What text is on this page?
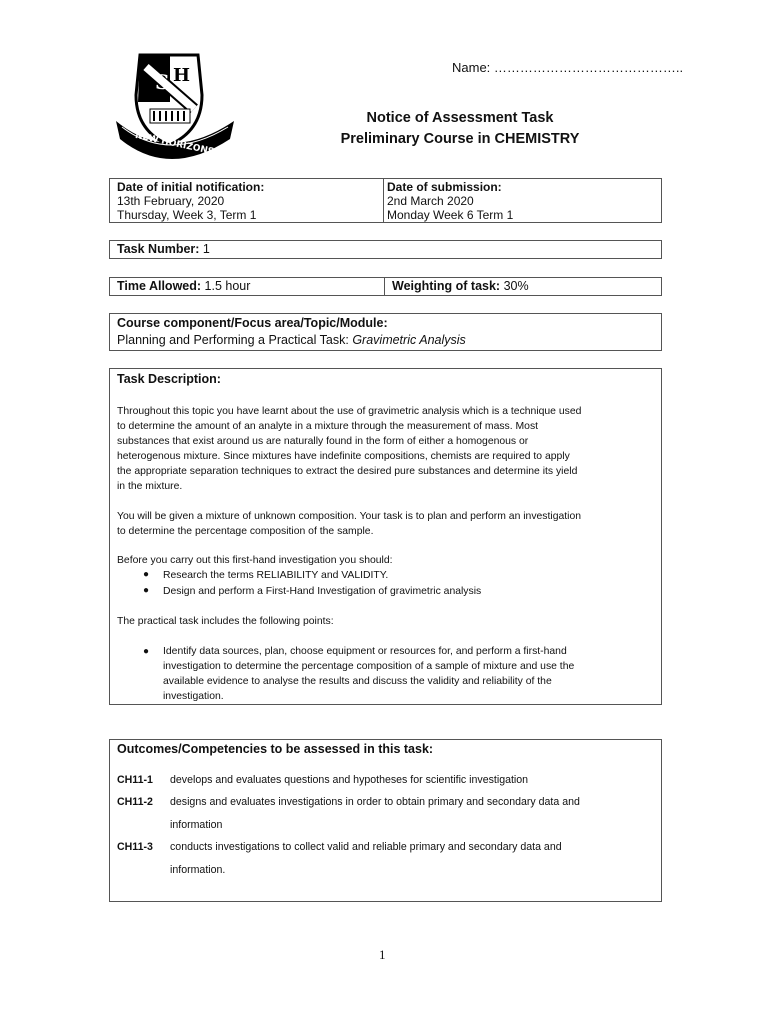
S H
NEW HORIZONS
Name: ……………………………………..
Notice of Assessment Task
Preliminary Course in CHEMISTRY
Date of initial notification:
13th February, 2020
Thursday, Week 3, Term 1
Date of submission:
2nd March 2020
Monday Week 6 Term 1
Task Number: 1
Time Allowed: 1.5 hour	Weighting of task: 30%
Course component/Focus area/Topic/Module:
Planning and Performing a Practical Task: Gravimetric Analysis
Task Description:
Throughout this topic you have learnt about the use of gravimetric analysis which is a technique used
to determine the amount of an analyte in a mixture through the measurement of mass. Most
substances that exist around us are naturally found in the form of either a homogenous or
heterogenous mixture. Since mixtures have indefinite compositions, chemists are required to apply
the appropriate separation techniques to extract the desired pure substances and determine its yield
in the mixture.
You will be given a mixture of unknown composition. Your task is to plan and perform an investigation
to determine the percentage composition of the sample.
Before you carry out this first-hand investigation you should:
● Research the terms RELIABILITY and VALIDITY.
● Design and perform a First-Hand Investigation of gravimetric analysis
The practical task includes the following points:
● Identify data sources, plan, choose equipment or resources for, and perform a first-hand
investigation to determine the percentage composition of a sample of mixture and use the
available evidence to analyse the results and discuss the validity and reliability of the
investigation.
Outcomes/Competencies to be assessed in this task:
CH11-1 develops and evaluates questions and hypotheses for scientific investigation
CH11-2 designs and evaluates investigations in order to obtain primary and secondary data and
information
CH11-3 conducts investigations to collect valid and reliable primary and secondary data and
information.
1
